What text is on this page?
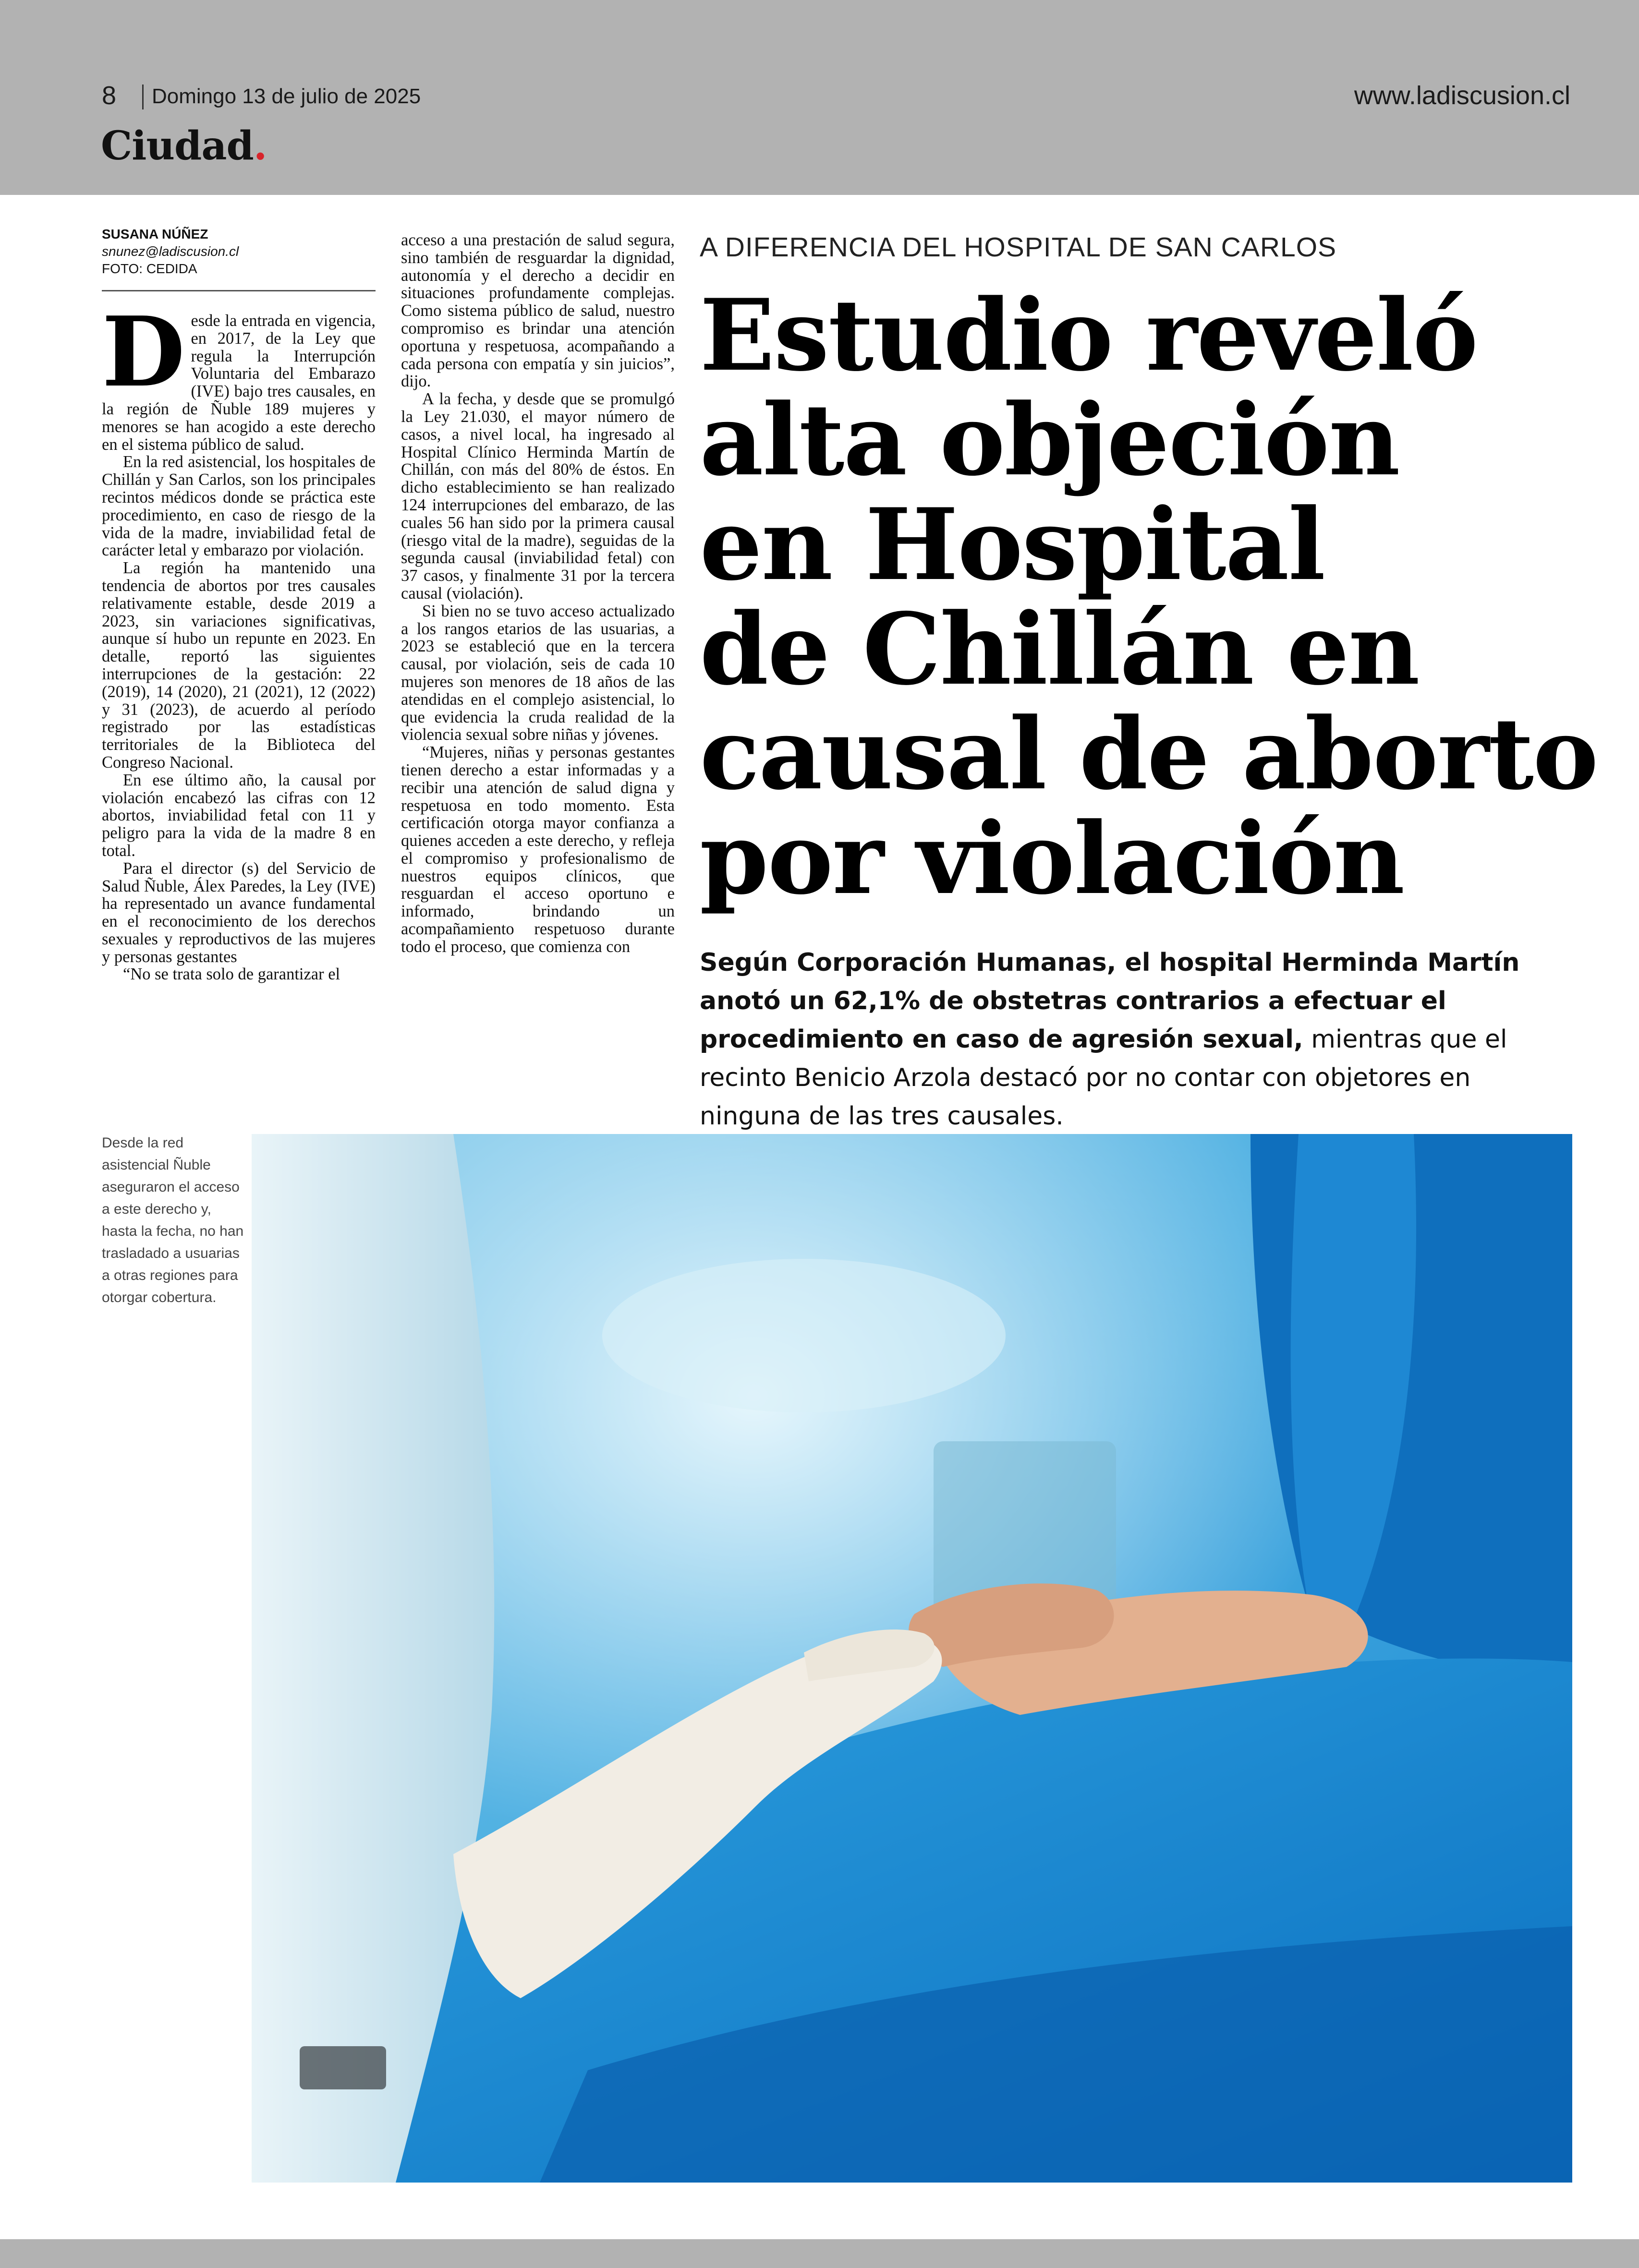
8 Domingo 13 de julio de 2025	www.ladiscusion.cl
Ciudad.
SUSANA NÚÑEZ
snunez@ladiscusion.cl
FOTO: CEDIDA

Desde la entrada en vigencia, en 2017, de la Ley que regula la Interrupción Voluntaria del Embarazo (IVE) bajo tres causales, en la región de Ñuble 189 mujeres y menores se han acogido a este derecho en el sistema público de salud.

En la red asistencial, los hospitales de Chillán y San Carlos, son los principales recintos médicos donde se práctica este procedimiento, en caso de riesgo de la vida de la madre, inviabilidad fetal de carácter letal y embarazo por violación.

La región ha mantenido una tendencia de abortos por tres causales relativamente estable, desde 2019 a 2023, sin variaciones significativas, aunque sí hubo un repunte en 2023. En detalle, reportó las siguientes interrupciones de la gestación: 22 (2019), 14 (2020), 21 (2021), 12 (2022) y 31 (2023), de acuerdo al período registrado por las estadísticas territoriales de la Biblioteca del Congreso Nacional.

En ese último año, la causal por violación encabezó las cifras con 12 abortos, inviabilidad fetal con 11 y peligro para la vida de la madre 8 en total.

Para el director (s) del Servicio de Salud Ñuble, Álex Paredes, la Ley (IVE) ha representado un avance fundamental en el reconocimiento de los derechos sexuales y reproductivos de las mujeres y personas gestantes

“No se trata solo de garantizar el

acceso a una prestación de salud segura, sino también de resguardar la dignidad, autonomía y el derecho a decidir en situaciones profundamente complejas. Como sistema público de salud, nuestro compromiso es brindar una atención oportuna y respetuosa, acompañando a cada persona con empatía y sin juicios”, dijo.

A la fecha, y desde que se promulgó la Ley 21.030, el mayor número de casos, a nivel local, ha ingresado al Hospital Clínico Herminda Martín de Chillán, con más del 80% de éstos. En dicho establecimiento se han realizado 124 interrupciones del embarazo, de las cuales 56 han sido por la primera causal (riesgo vital de la madre), seguidas de la segunda causal (inviabilidad fetal) con 37 casos, y finalmente 31 por la tercera causal (violación).

Si bien no se tuvo acceso actualizado a los rangos etarios de las usuarias, a 2023 se estableció que en la tercera causal, por violación, seis de cada 10 mujeres son menores de 18 años de las atendidas en el complejo asistencial, lo que evidencia la cruda realidad de la violencia sexual sobre niñas y jóvenes.

“Mujeres, niñas y personas gestantes tienen derecho a estar informadas y a recibir una atención de salud digna y respetuosa en todo momento. Esta certificación otorga mayor confianza a quienes acceden a este derecho, y refleja el compromiso y profesionalismo de nuestros equipos clínicos, que resguardan el acceso oportuno e informado, brindando un acompañamiento respetuoso durante todo el proceso, que comienza con

A DIFERENCIA DEL HOSPITAL DE SAN CARLOS
Estudio reveló
alta objeción
en Hospital
de Chillán en
causal de aborto
por violación
Según Corporación Humanas, el hospital Herminda Martín anotó un 62,1% de obstetras contrarios a efectuar el procedimiento en caso de agresión sexual, mientras que el recinto Benicio Arzola destacó por no contar con objetores en ninguna de las tres causales.
Desde la red asistencial Ñuble aseguraron el acceso a este derecho y, hasta la fecha, no han trasladado a usuarias a otras regiones para otorgar cobertura.
